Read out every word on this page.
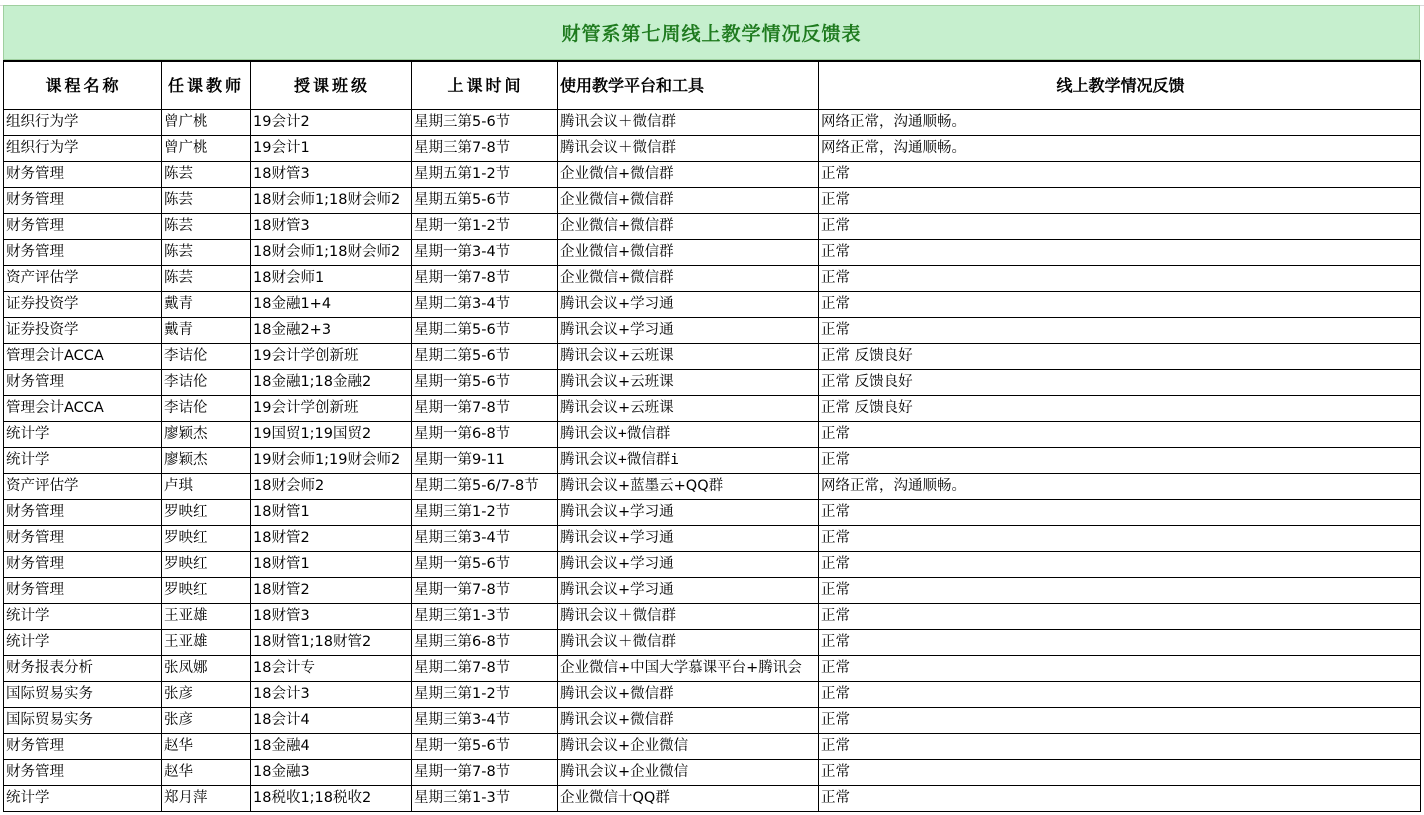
财管系第七周线上教学情况反馈表
课程名称	任课教师	授课班级	上课时间	使用教学平台和工具	线上教学情况反馈
组织行为学	曾广桃	19会计2	星期三第5-6节	腾讯会议＋微信群	网络正常，沟通顺畅。
组织行为学	曾广桃	19会计1	星期三第7-8节	腾讯会议＋微信群	网络正常，沟通顺畅。
财务管理	陈芸	18财管3	星期五第1-2节	企业微信+微信群	正常
财务管理	陈芸	18财会师1;18财会师2	星期五第5-6节	企业微信+微信群	正常
财务管理	陈芸	18财管3	星期一第1-2节	企业微信+微信群	正常
财务管理	陈芸	18财会师1;18财会师2	星期一第3-4节	企业微信+微信群	正常
资产评估学	陈芸	18财会师1	星期一第7-8节	企业微信+微信群	正常
证券投资学	戴青	18金融1+4	星期二第3-4节	腾讯会议+学习通	正常
证券投资学	戴青	18金融2+3	星期二第5-6节	腾讯会议+学习通	正常
管理会计ACCA	李诘伦	19会计学创新班	星期二第5-6节	腾讯会议+云班课	正常 反馈良好
财务管理	李诘伦	18金融1;18金融2	星期一第5-6节	腾讯会议+云班课	正常 反馈良好
管理会计ACCA	李诘伦	19会计学创新班	星期一第7-8节	腾讯会议+云班课	正常 反馈良好
统计学	廖颖杰	19国贸1;19国贸2	星期一第6-8节	腾讯会议+微信群	正常
统计学	廖颖杰	19财会师1;19财会师2	星期一第9-11	腾讯会议+微信群i	正常
资产评估学	卢琪	18财会师2	星期二第5-6/7-8节	腾讯会议+蓝墨云+QQ群	网络正常，沟通顺畅。
财务管理	罗映红	18财管1	星期三第1-2节	腾讯会议+学习通	正常
财务管理	罗映红	18财管2	星期三第3-4节	腾讯会议+学习通	正常
财务管理	罗映红	18财管1	星期一第5-6节	腾讯会议+学习通	正常
财务管理	罗映红	18财管2	星期一第7-8节	腾讯会议+学习通	正常
统计学	王亚雄	18财管3	星期三第1-3节	腾讯会议＋微信群	正常
统计学	王亚雄	18财管1;18财管2	星期三第6-8节	腾讯会议＋微信群	正常
财务报表分析	张凤娜	18会计专	星期二第7-8节	企业微信+中国大学慕课平台+腾讯会	正常
国际贸易实务	张彦	18会计3	星期三第1-2节	腾讯会议+微信群	正常
国际贸易实务	张彦	18会计4	星期三第3-4节	腾讯会议+微信群	正常
财务管理	赵华	18金融4	星期一第5-6节	腾讯会议+企业微信	正常
财务管理	赵华	18金融3	星期一第7-8节	腾讯会议+企业微信	正常
统计学	郑月萍	18税收1;18税收2	星期三第1-3节	企业微信十QQ群	正常
